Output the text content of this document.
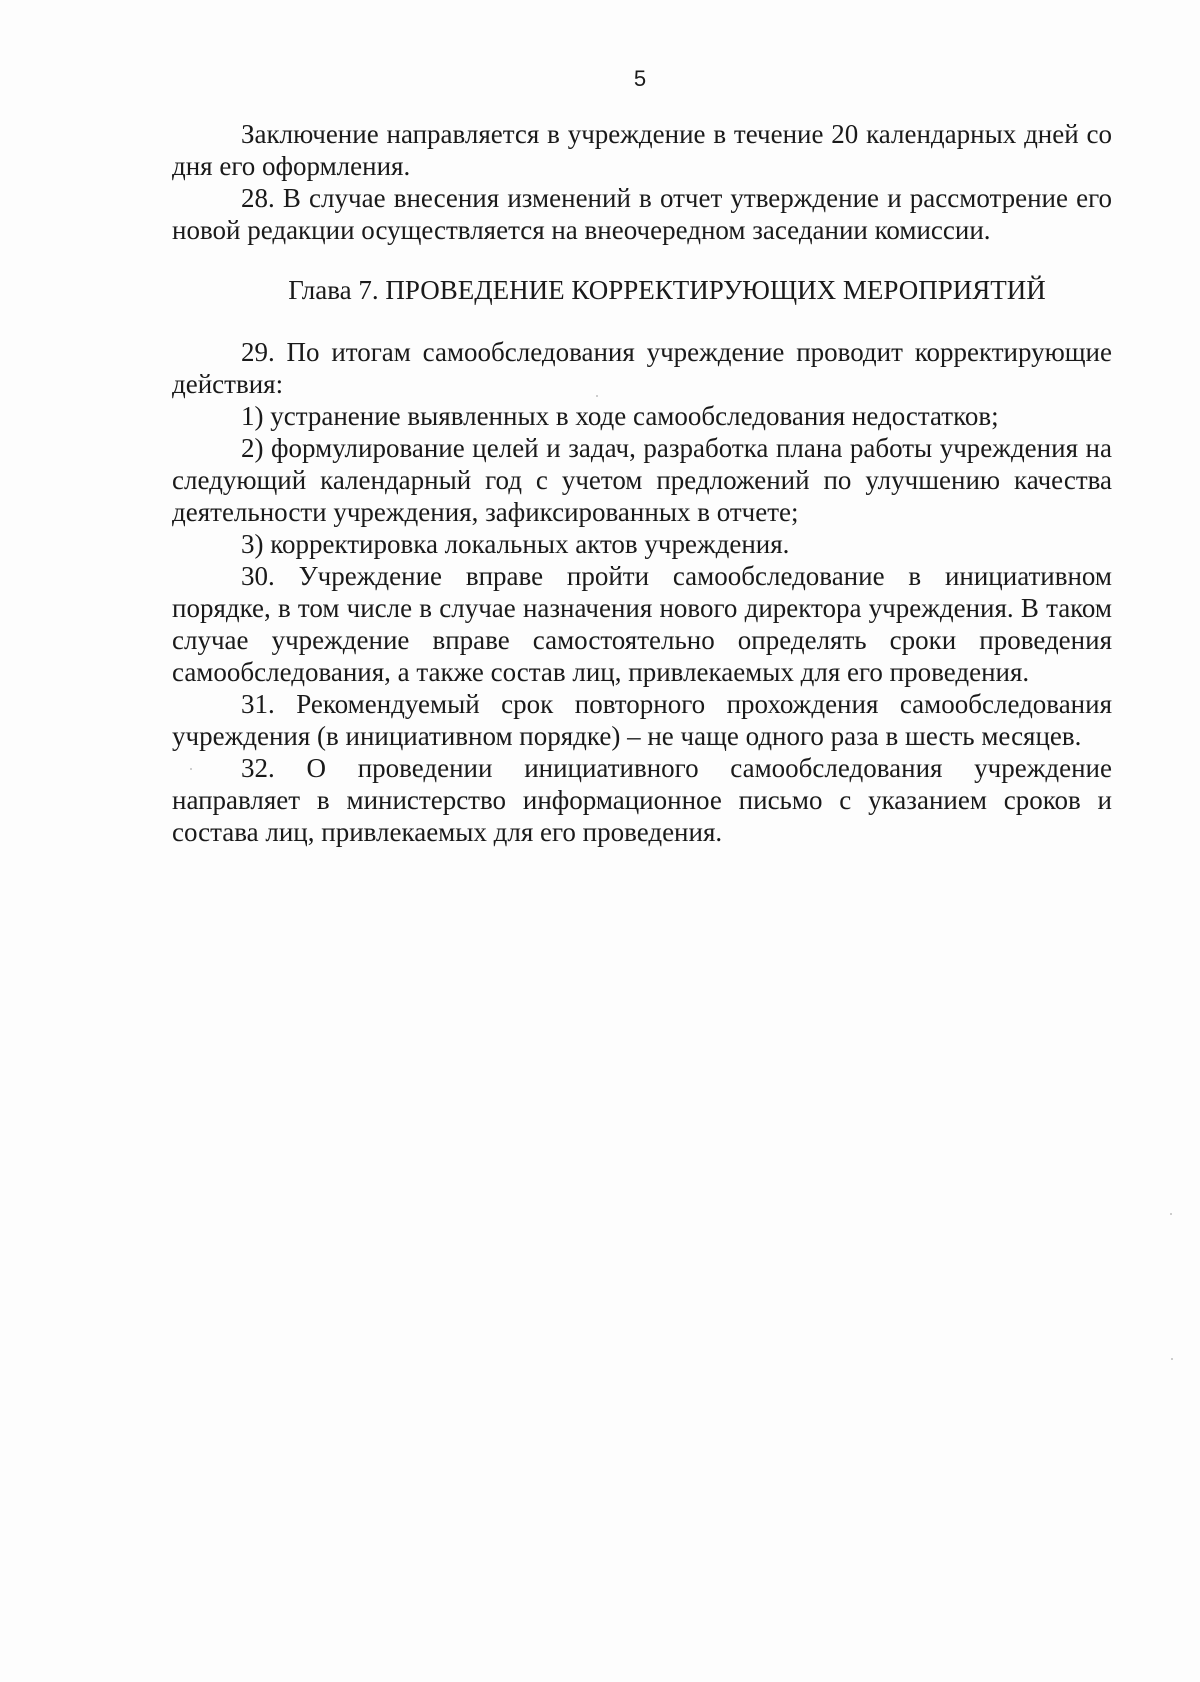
5

Заключение направляется в учреждение в течение 20 календарных дней со дня его оформления.

28. В случае внесения изменений в отчет утверждение и рассмотрение его новой редакции осуществляется на внеочередном заседании комиссии.

Глава 7. ПРОВЕДЕНИЕ КОРРЕКТИРУЮЩИХ МЕРОПРИЯТИЙ

29. По итогам самообследования учреждение проводит корректирующие действия:

1) устранение выявленных в ходе самообследования недостатков;

2) формулирование целей и задач, разработка плана работы учреждения на следующий календарный год с учетом предложений по улучшению качества деятельности учреждения, зафиксированных в отчете;

3) корректировка локальных актов учреждения.

30. Учреждение вправе пройти самообследование в инициативном порядке, в том числе в случае назначения нового директора учреждения. В таком случае учреждение вправе самостоятельно определять сроки проведения самообследования, а также состав лиц, привлекаемых для его проведения.

31. Рекомендуемый срок повторного прохождения самообследования учреждения (в инициативном порядке) – не чаще одного раза в шесть месяцев.

32. О проведении инициативного самообследования учреждение направляет в министерство информационное письмо с указанием сроков и состава лиц, привлекаемых для его проведения.
